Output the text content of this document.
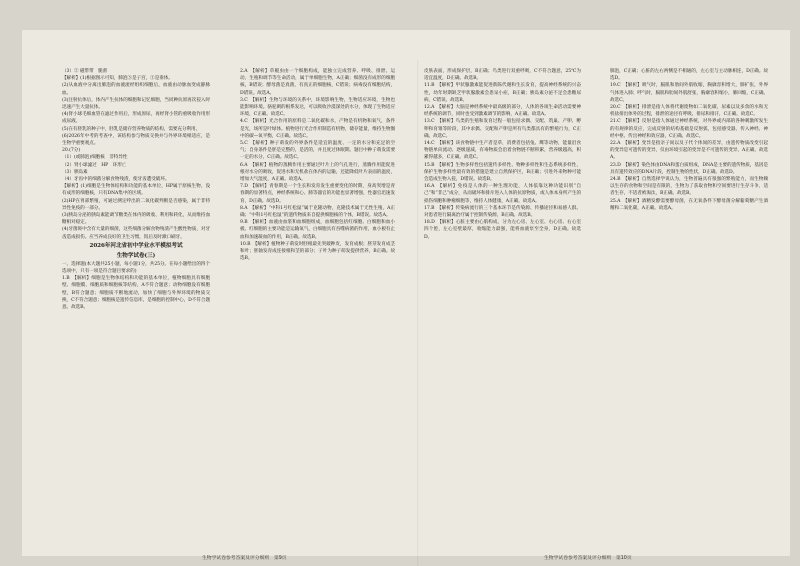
（3）② 磁带带　脆蕾

【解析】(1)根据图示可知，肺泡⑤是子宫，①是垂体。

(2)从血液中分离出肺泡的血液流经组织细胞后，血液由动脉血变成静脉血。

(3)注射抗体后，体内产生抗体的细胞和记忆细胞，当同种抗原再次侵入时迅速产生大量抗体。

(4)肾小球毛细血管在滤过作用后，形成原尿，再经肾小管的重吸收作用形成尿液。

(5)在有胚乳的种子中，胚乳是储存营养物质的结构，需要充分利用。

(6)2026年中考的考查中，该结构参与物质交换并与外界环境相适应，是生物学重要观点。

20.(7分)

（1）(或肺泡)细胞核　非特异性

（2）肾小球滤过　HP　环形亡

（3）胰岛素

（4）牙齿中的细菌分解食物残渣，使牙齿遭受破坏。

【解析】(1)细胞是生物体结构和功能的基本单位，HP属于原核生物，没有成形的细胞核，只有DNA集中的区域。

(2)HP在胃部繁殖，可通过测定呼出的二氧化碳判断是否感染，属于非特异性免疫的一部分。

(3)胰岛分泌的胰岛素能调节糖类在体内的吸收、利用和转化，从而维持血糖相对稳定。

(4)牙菌斑中含有大量的细菌，这些细菌分解食物残渣产生酸性物质，对牙齿造成损伤。应当养成良好的卫生习惯，饭后及时漱口刷牙。

2026年河北省初中学业水平模拟考试
生物学试卷(三)

一、选择题(本大题共25小题，每小题1分，共25分。在每小题给出的四个选项中，只有一项是符合题目要求的)

1.B　【解析】细胞是生物体结构和功能的基本单位，植物细胞具有细胞壁、细胞膜、细胞质和细胞核等结构，A不符合题意；动物细胞没有细胞壁，B符合题意；细胞质不断地流动，加快了细胞与外界环境的物质交换，C不符合题意；细胞核是遗传信息库，是细胞的控制中心，D不符合题意。故选B。

2.A　【解析】草履虫由一个细胞构成，能独立完成营养、呼吸、排泄、运动、生殖和调节等生命活动，属于单细胞生物，A正确；细菌没有成形的细胞核，B错误；酵母菌是真菌，有真正的细胞核，C错误；病毒没有细胞结构，D错误。故选A。

3.C　【解析】生物与环境的关系中，环境影响生物，生物适应环境，生物也能影响环境。骆驼刺的根系发达，可以吸收沙漠深处的水分，体现了生物适应环境，C正确。故选C。

4.C　【解析】光合作用的原料是二氧化碳和水，产物是有机物和氧气，条件是光，场所是叶绿体。植物进行光合作用制造有机物，储存能量，维持生物圈中的碳—氧平衡，C正确。故选C。

5.C　【解析】种子萌发的外界条件是适宜的温度、一定的水分和充足的空气；自身条件是胚是完整的，是活的，并且度过休眠期。题目中种子萌发需要一定的水分，C正确。故选C。

6.A　【解析】植物的蒸腾作用主要通过叶片上的气孔进行，蒸腾作用能促进根对水分的吸收，促进水和无机盐在体内的运输，还能降低叶片表面的温度，增加大气湿度，A正确。故选A。

7.D　【解析】青春期是一个生长和发育发生重要变化的时期，身高突增是青春期的显著特点，神经系统和心、肺等器官的功能也显著增强，性器官迅速发育，D正确。故选D。

8.A　【解析】“中科1号红松鼠”属于克隆动物，克隆技术属于无性生殖，A正确；“中科1号红松鼠”的遗传物质来自提供细胞核的个体，B错误。故选A。

9.B　【解析】血液由血浆和血细胞组成，血细胞包括红细胞、白细胞和血小板。红细胞的主要功能是运输氧气，白细胞具有吞噬病菌的作用，血小板有止血和加速凝血的作用，B正确。故选B。

10.B　【解析】植物种子萌发时胚根最先突破种皮，发育成根；胚芽发育成茎和叶；胚轴发育成连接根和茎的部分；子叶为种子萌发提供营养，B正确。故选B。

皮肤表面，形成保护层，B正确；鸟类进行双重呼吸，C不符合题意，25℃为适宜温度，D正确。故选B。

11.B　【解析】甲状腺激素能促进新陈代谢和生长发育，提高神经系统的兴奋性，幼年时期缺乏甲状腺激素会患呆小症，B正确；胰岛素分泌不足会患糖尿病，C错误。故选B。

12.A　【解析】大脑是神经系统中最高级的部分，人体的各项生命活动需要神经系统的调节，同时也受到激素调节的影响，A正确。故选A。

13.C　【解析】鸟类的生殖和发育过程一般包括求偶、交配、筑巢、产卵、孵卵和育雏等阶段，其中求偶、交配和产卵是所有鸟类都具有的繁殖行为，C正确。故选C。

14.C　【解析】该食物链中生产者是草，消费者包括兔、鹰等动物，能量沿食物链单向流动、逐级递减，有毒物质会沿着食物链不断积累，营养级越高，积累得越多，C正确。故选C。

15.B　【解析】生物多样性包括遗传多样性、物种多样性和生态系统多样性，保护生物多样性最有效的措施是建立自然保护区，B正确；引进外来物种可能会造成生物入侵，D错误。故选B。

16.A　【解析】免疫是人体的一种生理功能，人体依靠这种功能识别“自己”和“非己”成分，从而破坏和排斥进入人体的抗原物质，或人体本身所产生的损伤细胞和肿瘤细胞等，维持人体健康，A正确。故选A。

17.B　【解析】传染病流行的三个基本环节是传染源、传播途径和易感人群。对患者进行隔离治疗属于控制传染源，B正确。故选B。

18.D　【解析】心脏主要由心肌构成，分为左心房、左心室、右心房、右心室四个腔，左心室壁最厚，收缩能力最强，能将血液泵至全身，D正确。故选D。

肺泡，C正确；心脏的左右两侧是不相通的，左心室与主动脉相连，D正确。故选D。

19.C　【解析】吸气时，膈肌和肋间外肌收缩，胸廓容积增大，肺扩张，外界气体进入肺；呼气时，膈肌和肋间外肌舒张，胸廓容积缩小，肺回缩，C正确。故选C。

20.C　【解析】排泄是指人体将代谢废物如二氧化碳、尿素以及多余的水和无机盐排出体外的过程，排泄的途径有呼吸、排尿和排汗，C正确。故选C。

21.C　【解析】反射是指人体通过神经系统，对外界或内部的各种刺激所发生的有规律的反应，完成反射的结构基础是反射弧，包括感受器、传入神经、神经中枢、传出神经和效应器，C正确。故选C。

22.A　【解析】变异是指亲子间以及子代个体间的差异，由遗传物质改变引起的变异是可遗传的变异，仅由环境引起的变异是不可遗传的变异，A正确。故选A。

23.D　【解析】染色体由DNA和蛋白质组成，DNA是主要的遗传物质，基因是具有遗传效应的DNA片段，控制生物的性状，D正确。故选D。

24.B　【解析】自然选择学说认为，生物普遍具有很强的繁殖能力，而生物赖以生存的食物和空间是有限的，生物为了获取食物和空间要进行生存斗争，适者生存，不适者被淘汰，B正确。故选B。

25.A　【解析】酒精发酵需要酵母菌，在无氧条件下酵母菌分解葡萄糖产生酒精和二氧化碳，A正确。故选A。

生物学试卷参考答案及评分细则　第9页	生物学试卷参考答案及评分细则　第10页
